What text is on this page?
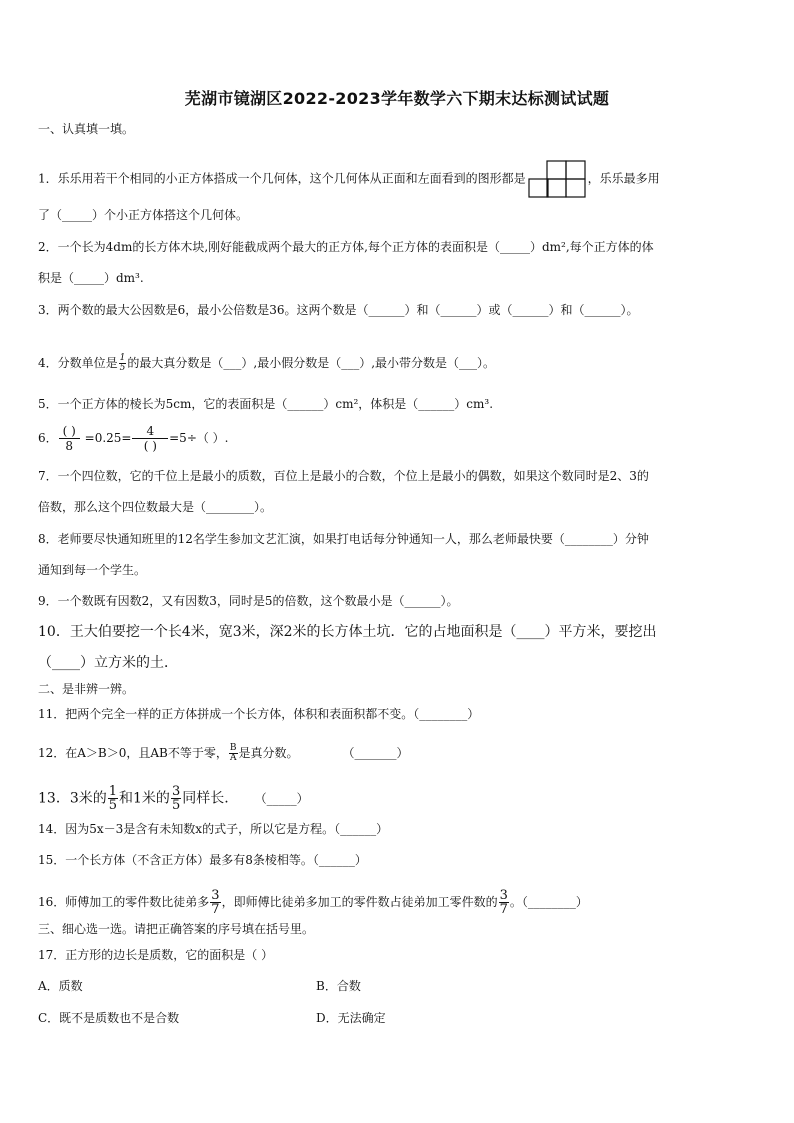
芜湖市镜湖区2022-2023学年数学六下期末达标测试试题
一、认真填一填。
1．乐乐用若干个相同的小正方体搭成一个几何体，这个几何体从正面和左面看到的图形都是	，乐乐最多用
了（_____）个小正方体搭这个几何体。
2．一个长为4dm的长方体木块,刚好能截成两个最大的正方体,每个正方体的表面积是（_____）dm²,每个正方体的体
积是（_____）dm³.
3．两个数的最大公因数是6，最小公倍数是36。这两个数是（______）和（______）或（______）和（______）。
4．分数单位是 $\frac{1}{5}$ 的最大真分数是（___）,最小假分数是（___）,最小带分数是（___）。
5．一个正方体的棱长为5cm，它的表面积是（______）cm²，体积是（______）cm³.
6． $\frac{( )}{8} =0.25= \frac{4}{( )} =5\div$（ ）.
7．一个四位数，它的千位上是最小的质数，百位上是最小的合数，个位上是最小的偶数，如果这个数同时是2、3的
倍数，那么这个四位数最大是（________）。
8．老师要尽快通知班里的12名学生参加文艺汇演，如果打电话每分钟通知一人，那么老师最快要（________）分钟
通知到每一个学生。
9．一个数既有因数2，又有因数3，同时是5的倍数，这个数最小是（______）。
10．王大伯要挖一个长4米，宽3米，深2米的长方体土坑．它的占地面积是（____）平方米，要挖出
（____）立方米的土．
二、是非辨一辨。
11．把两个完全一样的正方体拼成一个长方体，体积和表面积都不变。（________）
12．在A＞B＞0，且AB不等于零， $\frac{B}{A}$ 是真分数。	（_______）
13．3米的 $\frac{1}{5}$ 和1米的 $\frac{3}{5}$ 同样长. （_____）
14．因为5x－3是含有未知数x的式子，所以它是方程。（______）
15．一个长方体（不含正方体）最多有8条棱相等。（______）
16．师傅加工的零件数比徒弟多 $\frac{3}{7}$ ，即师傅比徒弟多加工的零件数占徒弟加工零件数的 $\frac{3}{7}$ 。（________）
三、细心选一选。请把正确答案的序号填在括号里。
17．正方形的边长是质数，它的面积是（ ）
A．质数	B．合数
C．既不是质数也不是合数	D．无法确定
